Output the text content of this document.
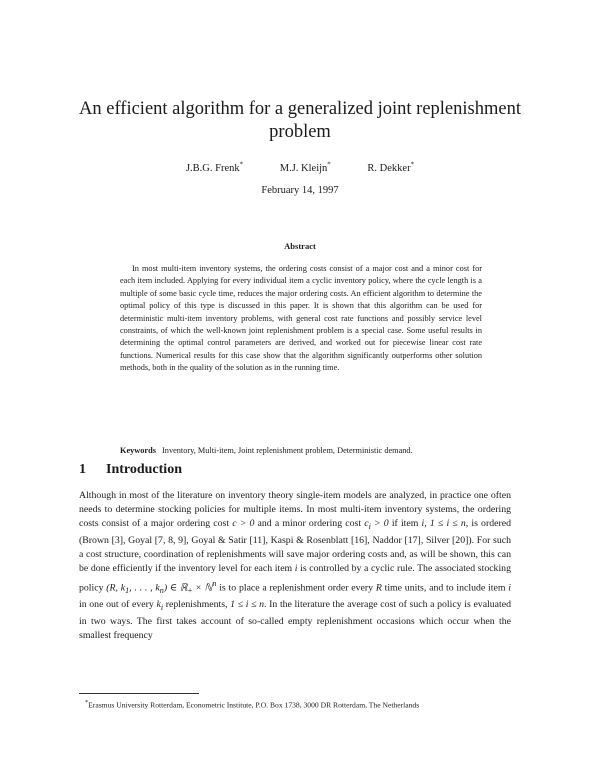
An efficient algorithm for a generalized joint replenishment
problem
J.B.G. Frenk*	M.J. Kleijn*	R. Dekker*
February 14, 1997
Abstract

In most multi-item inventory systems, the ordering costs consist of a major cost and a minor cost for each item included. Applying for every individual item a cyclic inventory policy, where the cycle length is a multiple of some basic cycle time, reduces the major ordering costs. An efficient algorithm to determine the optimal policy of this type is discussed in this paper. It is shown that this algorithm can be used for deterministic multi-item inventory problems, with general cost rate functions and possibly service level constraints, of which the well-known joint replenishment problem is a special case. Some useful results in determining the optimal control parameters are derived, and worked out for piecewise linear cost rate functions. Numerical results for this case show that the algorithm significantly outperforms other solution methods, both in the quality of the solution as in the running time.

Keywords Inventory, Multi-item, Joint replenishment problem, Deterministic demand.
1 Introduction

Although in most of the literature on inventory theory single-item models are analyzed, in practice one often needs to determine stocking policies for multiple items. In most multi-item inventory systems, the ordering costs consist of a major ordering cost c > 0 and a minor ordering cost $c_i > 0$ if item i, 1 ≤ i ≤ n, is ordered (Brown [3], Goyal [7, 8, 9], Goyal & Satir [11], Kaspi & Rosenblatt [16], Naddor [17], Silver [20]). For such a cost structure, coordination of replenishments will save major ordering costs and, as will be shown, this can be done efficiently if the inventory level for each item i is controlled by a cyclic rule. The associated stocking policy (R, $k_1$, . . . , $k_n$) ∈ ℝ$_+$ × ℕ$^n$ is to place a replenishment order every R time units, and to include item i in one out of every $k_i$ replenishments, 1 ≤ i ≤ n. In the literature the average cost of such a policy is evaluated in two ways. The first takes account of so-called empty replenishment occasions which occur when the smallest frequency

*Erasmus University Rotterdam, Econometric Institute, P.O. Box 1738, 3000 DR Rotterdam, The Netherlands
